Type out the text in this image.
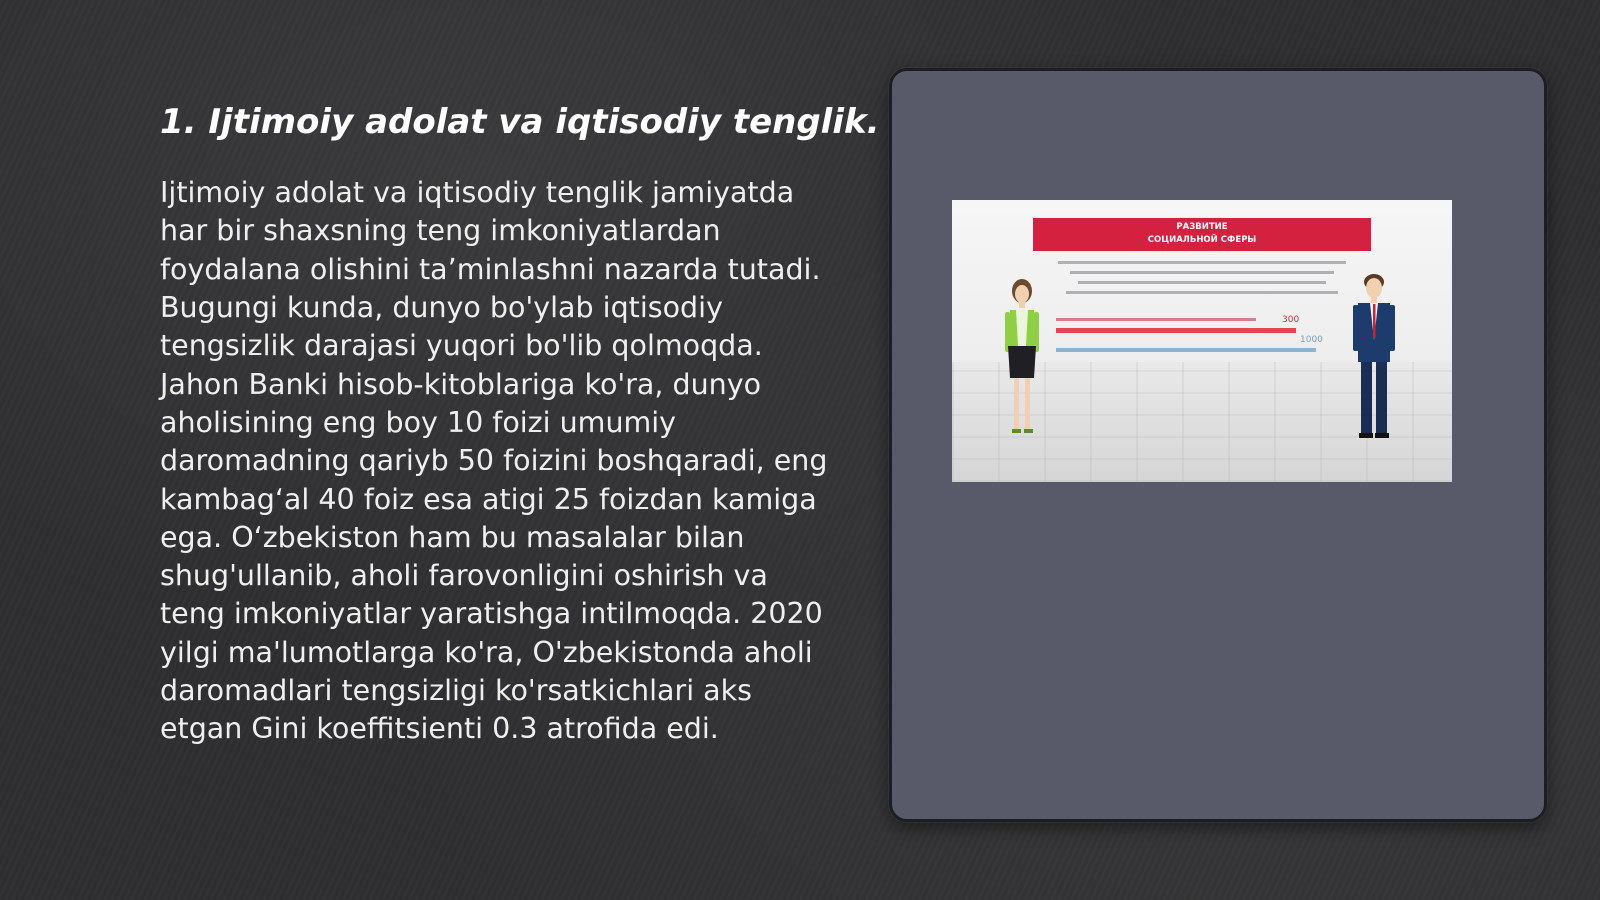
1. Ijtimoiy adolat va iqtisodiy tenglik.

Ijtimoiy adolat va iqtisodiy tenglik jamiyatda har bir shaxsning teng imkoniyatlardan foydalana olishini taʼminlashni nazarda tutadi. Bugungi kunda, dunyo bo'ylab iqtisodiy tengsizlik darajasi yuqori bo'lib qolmoqda. Jahon Banki hisob-kitoblariga ko'ra, dunyo aholisining eng boy 10 foizi umumiy daromadning qariyb 50 foizini boshqaradi, eng kambagʻal 40 foiz esa atigi 25 foizdan kamiga ega. Oʻzbekiston ham bu masalalar bilan shug'ullanib, aholi farovonligini oshirish va teng imkoniyatlar yaratishga intilmoqda. 2020 yilgi ma'lumotlarga ko'ra, O'zbekistonda aholi daromadlari tengsizligi ko'rsatkichlari aks etgan Gini koeffitsienti 0.3 atrofida edi.

РАЗВИТИЕ
СОЦИАЛЬНОЙ СФЕРЫ
300
1000
